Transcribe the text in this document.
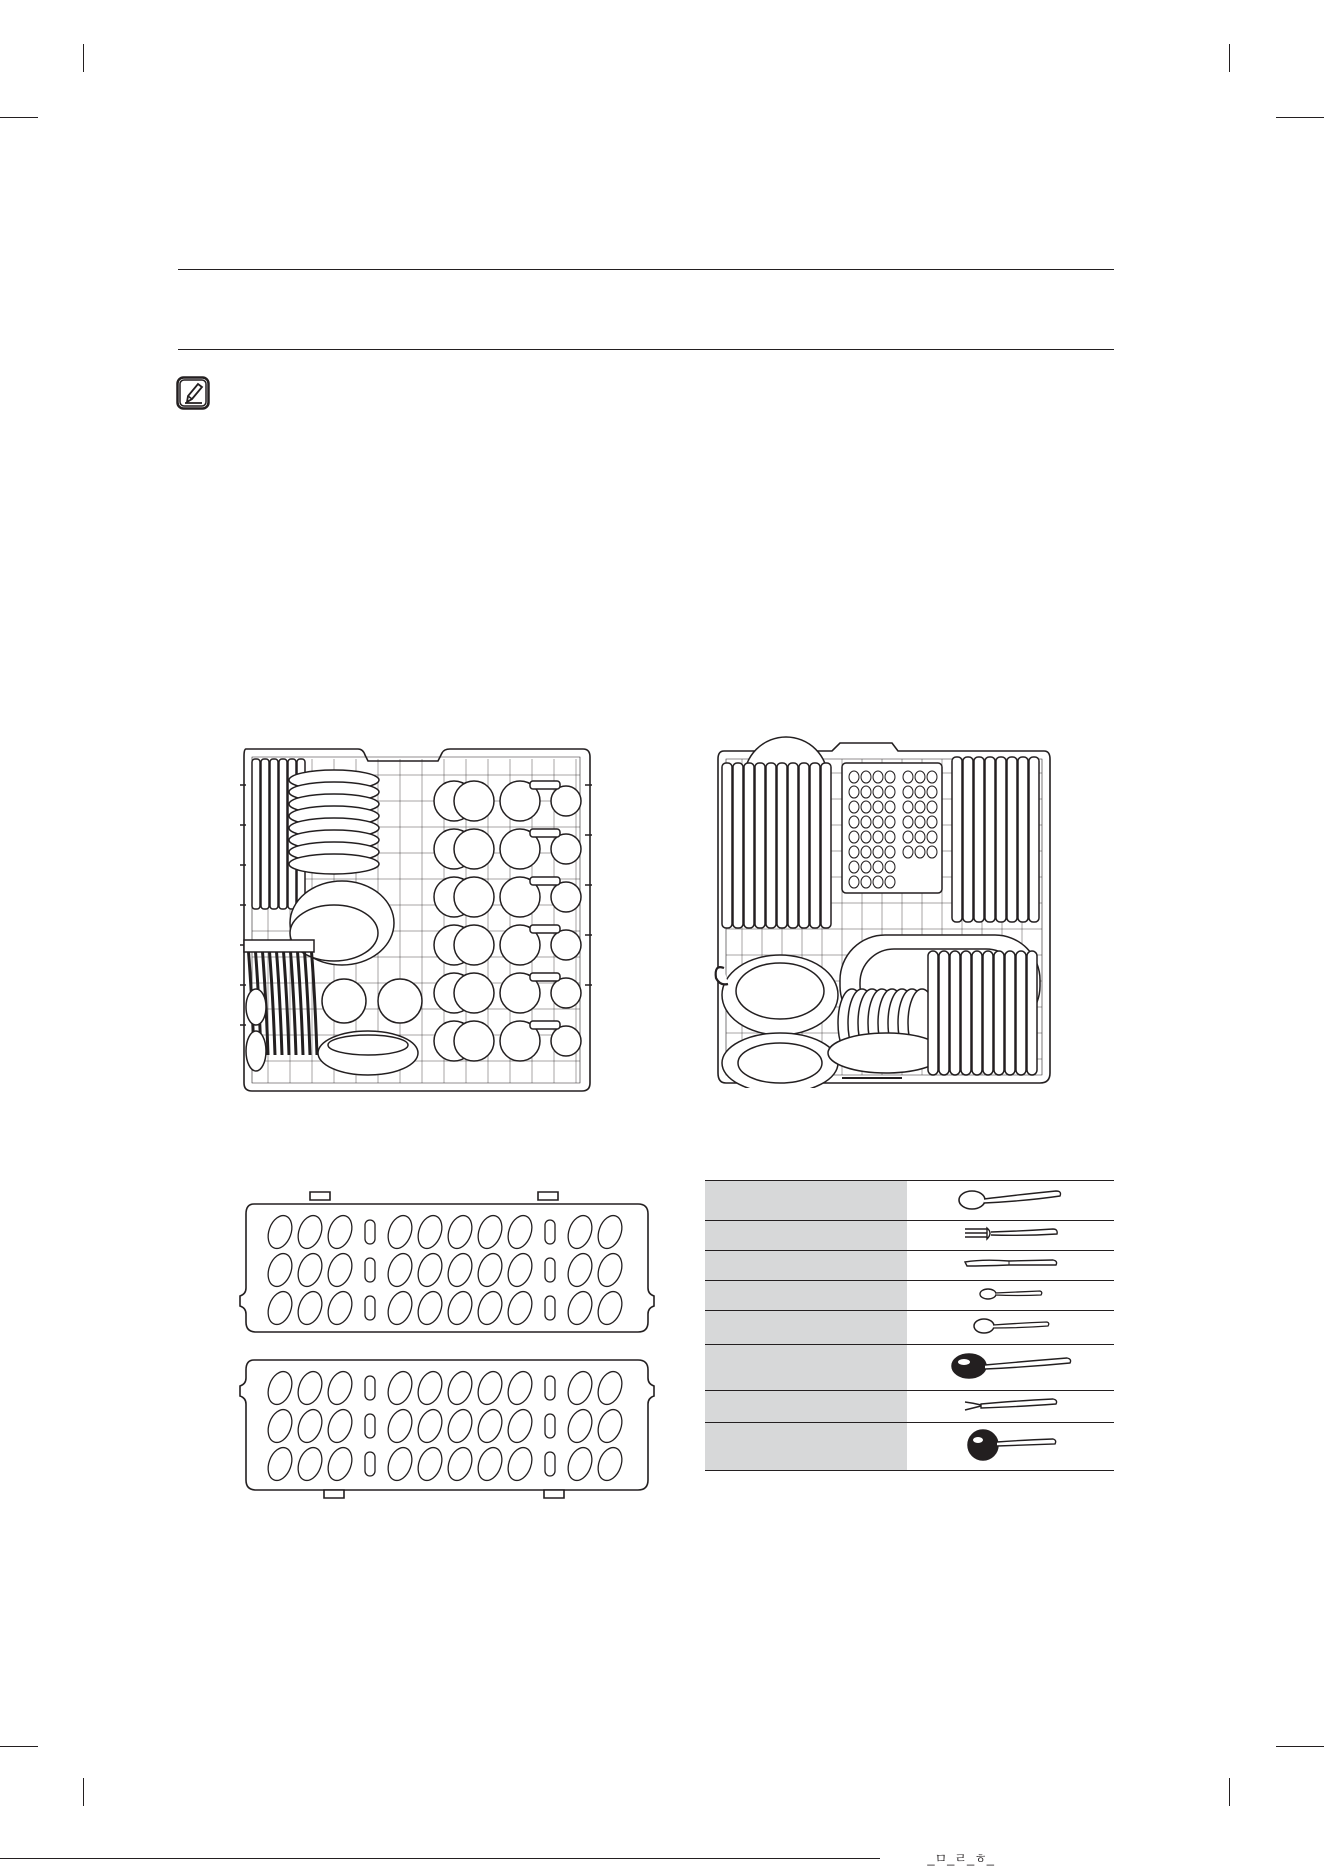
_ㅁ_ㄹ_ㅎ_
